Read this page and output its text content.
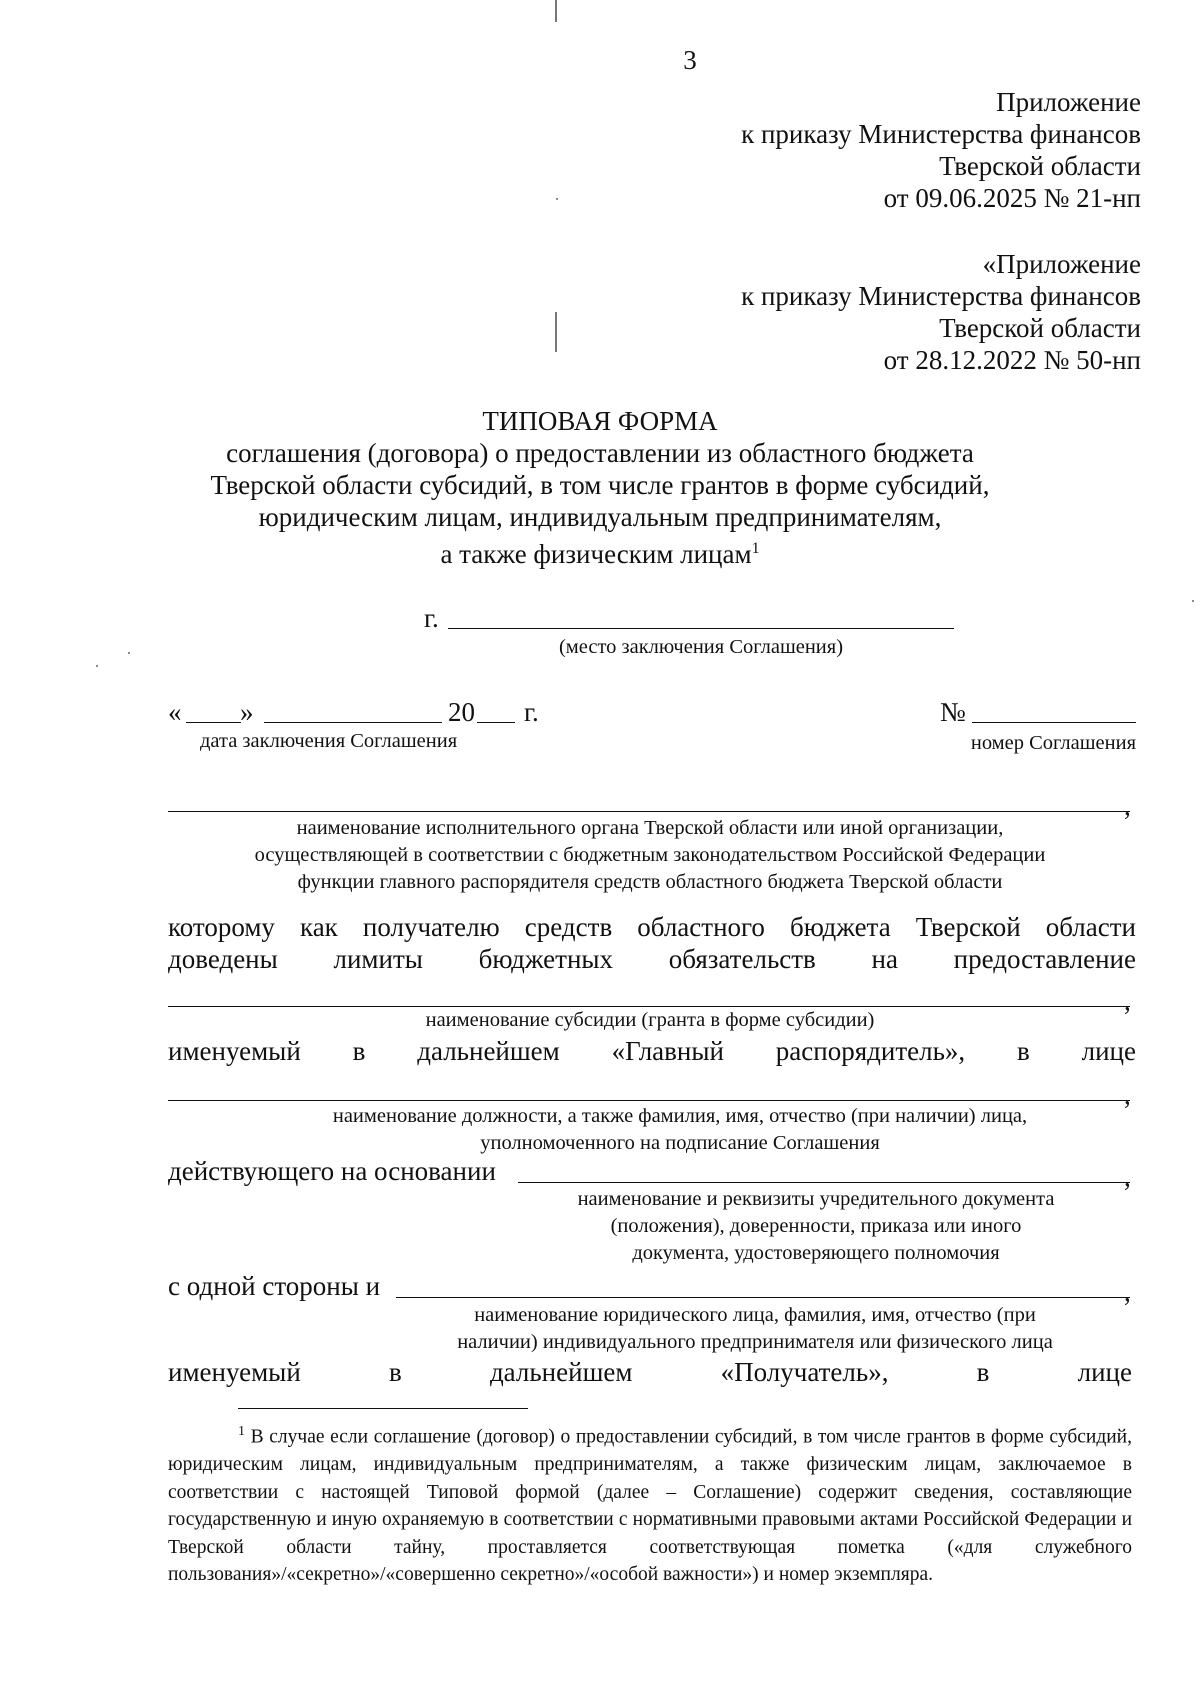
3
Приложение
к приказу Министерства финансов
Тверской области
от 09.06.2025 № 21-нп
«Приложение
к приказу Министерства финансов
Тверской области
от 28.12.2022 № 50-нп
ТИПОВАЯ ФОРМА
соглашения (договора) о предоставлении из областного бюджета
Тверской области субсидий, в том числе грантов в форме субсидий,
юридическим лицам, индивидуальным предпринимателям,
а также физическим лицам$^1$
г.
(место заключения Соглашения)
« »	20 г.
дата заключения Соглашения
№
номер Соглашения
,
наименование исполнительного органа Тверской области или иной организации,
осуществляющей в соответствии с бюджетным законодательством Российской Федерации
функции главного распорядителя средств областного бюджета Тверской области
которому как получателю средств областного бюджета Тверской области
доведены лимиты бюджетных обязательств на предоставление
,
наименование субсидии (гранта в форме субсидии)
именуемый в дальнейшем «Главный распорядитель», в лице
,
наименование должности, а также фамилия, имя, отчество (при наличии) лица,
уполномоченного на подписание Соглашения
действующего на основании	,
наименование и реквизиты учредительного документа
(положения), доверенности, приказа или иного
документа, удостоверяющего полномочия
с одной стороны и	,
наименование юридического лица, фамилия, имя, отчество (при
наличии) индивидуального предпринимателя или физического лица
именуемый	в	дальнейшем	«Получатель»,	в	лице
$^1$ В случае если соглашение (договор) о предоставлении субсидий, в том числе грантов в форме субсидий, юридическим лицам, индивидуальным предпринимателям, а также физическим лицам, заключаемое в соответствии с настоящей Типовой формой (далее – Соглашение) содержит сведения, составляющие государственную и иную охраняемую в соответствии с нормативными правовыми актами Российской Федерации и Тверской области тайну, проставляется соответствующая пометка («для служебного пользования»/«секретно»/«совершенно секретно»/«особой важности») и номер экземпляра.
